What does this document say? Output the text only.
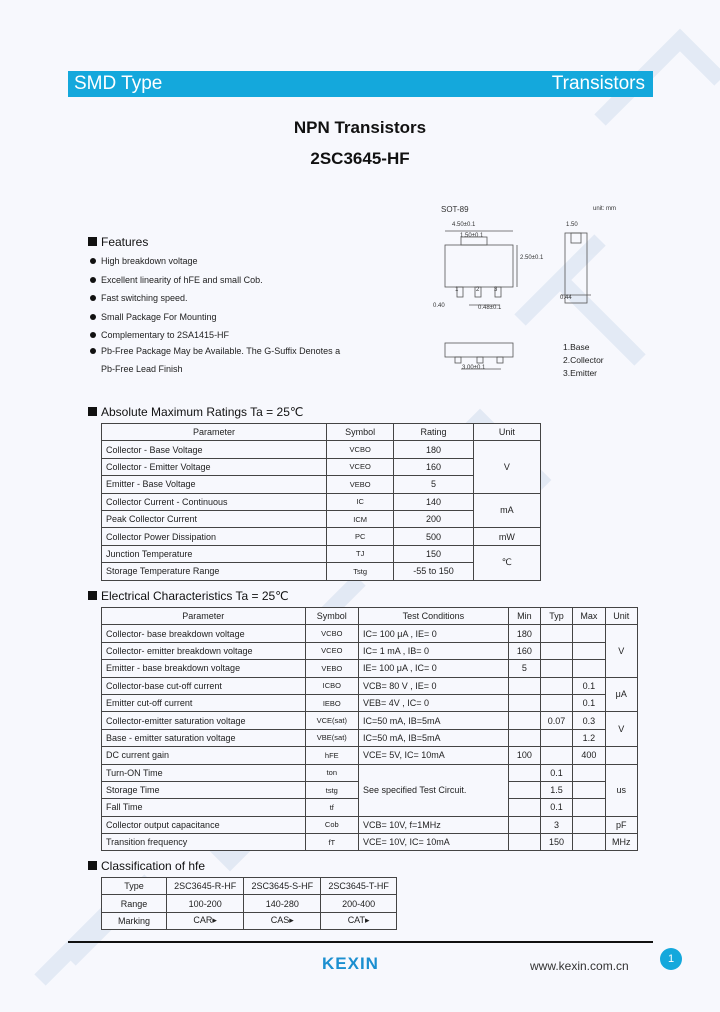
SMD Type	Transistors
NPN Transistors
2SC3645-HF
Features
High breakdown voltage
Excellent linearity of hFE and small Cob.
Fast switching speed.
Small Package For Mounting
Complementary to 2SA1415-HF
Pb-Free Package May be Available. The G-Suffix Denotes a
Pb-Free Lead Finish
SOT-89	unit: mm
4.50±0.1
1.50±0.1
2.50±0.1
0.40	0.48±0.1
1	2 3
1.50
0.44
3.00±0.1
1.Base
2.Collector
3.Emitter
Absolute Maximum Ratings Ta = 25℃
Parameter	Symbol	Rating	Unit
Collector - Base Voltage	VCBO	180	V
Collector - Emitter Voltage	VCEO	160	
Emitter - Base Voltage	VEBO	5	
Collector Current - Continuous	IC	140	mA
Peak Collector Current	ICM	200	
Collector Power Dissipation	PC	500	mW
Junction Temperature	TJ	150	℃
Storage Temperature Range	Tstg	-55 to 150	
Electrical Characteristics Ta = 25℃
Parameter	Symbol	Test Conditions	Min	Typ	Max	Unit
Collector- base breakdown voltage	VCBO	IC= 100 μA , IE= 0	180			V
Collector- emitter breakdown voltage	VCEO	IC= 1 mA , IB= 0	160			
Emitter - base breakdown voltage	VEBO	IE= 100 μA , IC= 0	5			
Collector-base cut-off current	ICBO	VCB= 80 V , IE= 0			0.1	μA
Emitter cut-off current	IEBO	VEB= 4V , IC= 0			0.1	
Collector-emitter saturation voltage	VCE(sat)	IC=50 mA, IB=5mA		0.07	0.3	V
Base - emitter saturation voltage	VBE(sat)	IC=50 mA, IB=5mA			1.2	
DC current gain	hFE	VCE= 5V, IC= 10mA	100		400	
Turn-ON Time	ton	See specified Test Circuit.		0.1		us
Storage Time	tstg			1.5		
Fall Time	tf			0.1		
Collector output capacitance	Cob	VCB= 10V, f=1MHz		3		pF
Transition frequency	fT	VCE= 10V, IC= 10mA		150		MHz
Classification of hfe
Type	2SC3645-R-HF	2SC3645-S-HF	2SC3645-T-HF
Range	100-200	140-280	200-400
Marking	CAR▸	CAS▸	CAT▸
KEXIN	www.kexin.com.cn	1
